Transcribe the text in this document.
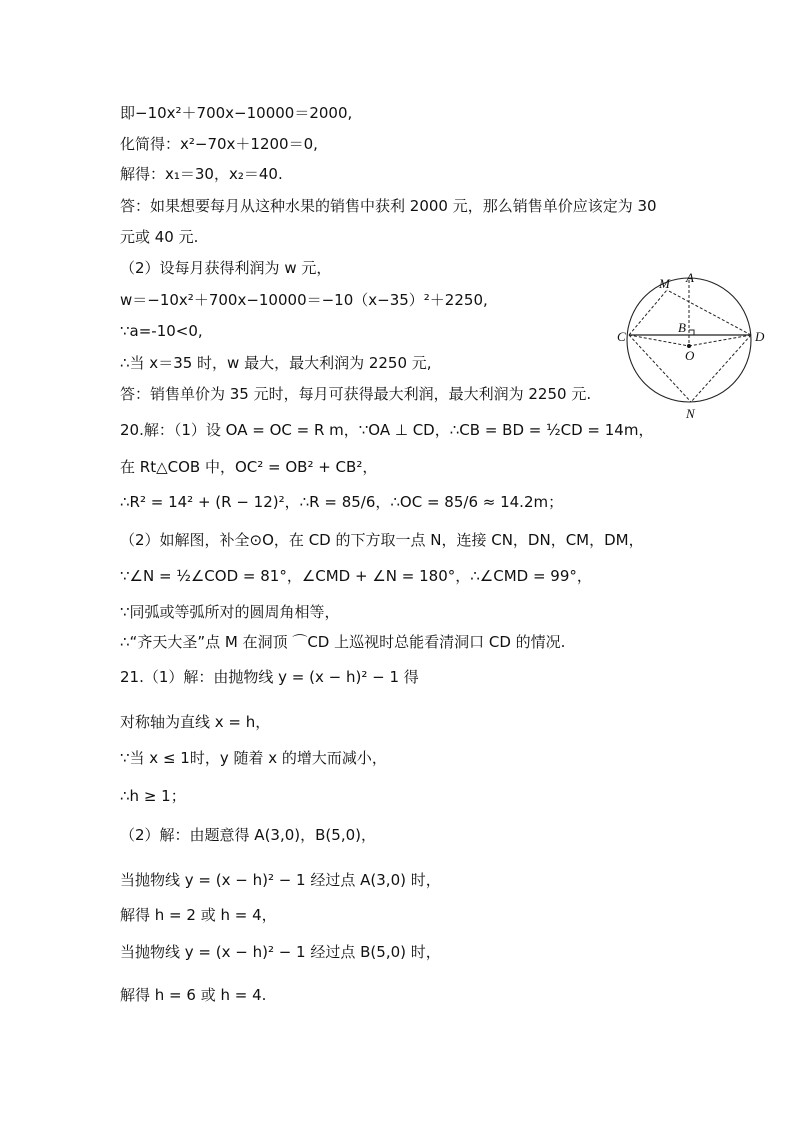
即−10x²＋700x−10000＝2000,
化简得：x²−70x＋1200＝0,
解得：x₁＝30，x₂＝40.
答：如果想要每月从这种水果的销售中获利 2000 元，那么销售单价应该定为 30
元或 40 元.
（2）设每月获得利润为 w 元，
w＝−10x²＋700x−10000＝−10（x−35）²＋2250,
∵a=-10<0,
∴当 x＝35 时，w 最大，最大利润为 2250 元,
答：销售单价为 35 元时，每月可获得最大利润，最大利润为 2250 元.
20.解：（1）设 OA = OC = R m，∵OA ⊥ CD，∴CB = BD = ½CD = 14m，
在 Rt△COB 中，OC² = OB² + CB²，
∴R² = 14² + (R − 12)²，∴R = 85/6，∴OC = 85/6 ≈ 14.2m；
（2）如解图，补全⊙O，在 CD 的下方取一点 N，连接 CN，DN，CM，DM，
∵∠N = ½∠COD = 81°，∠CMD + ∠N = 180°，∴∠CMD = 99°，
∵同弧或等弧所对的圆周角相等，
∴“齐天大圣”点 M 在洞顶 ⌒CD 上巡视时总能看清洞口 CD 的情况.
21.（1）解：由抛物线 y = (x − h)² − 1 得
对称轴为直线 x = h，
∵当 x ≤ 1时，y 随着 x 的增大而减小，
∴h ≥ 1；
（2）解：由题意得 A(3,0)，B(5,0)，
当抛物线 y = (x − h)² − 1 经过点 A(3,0) 时，
解得 h = 2 或 h = 4，
当抛物线 y = (x − h)² − 1 经过点 B(5,0) 时，
解得 h = 6 或 h = 4.
A
M
C	D
B
O
N
